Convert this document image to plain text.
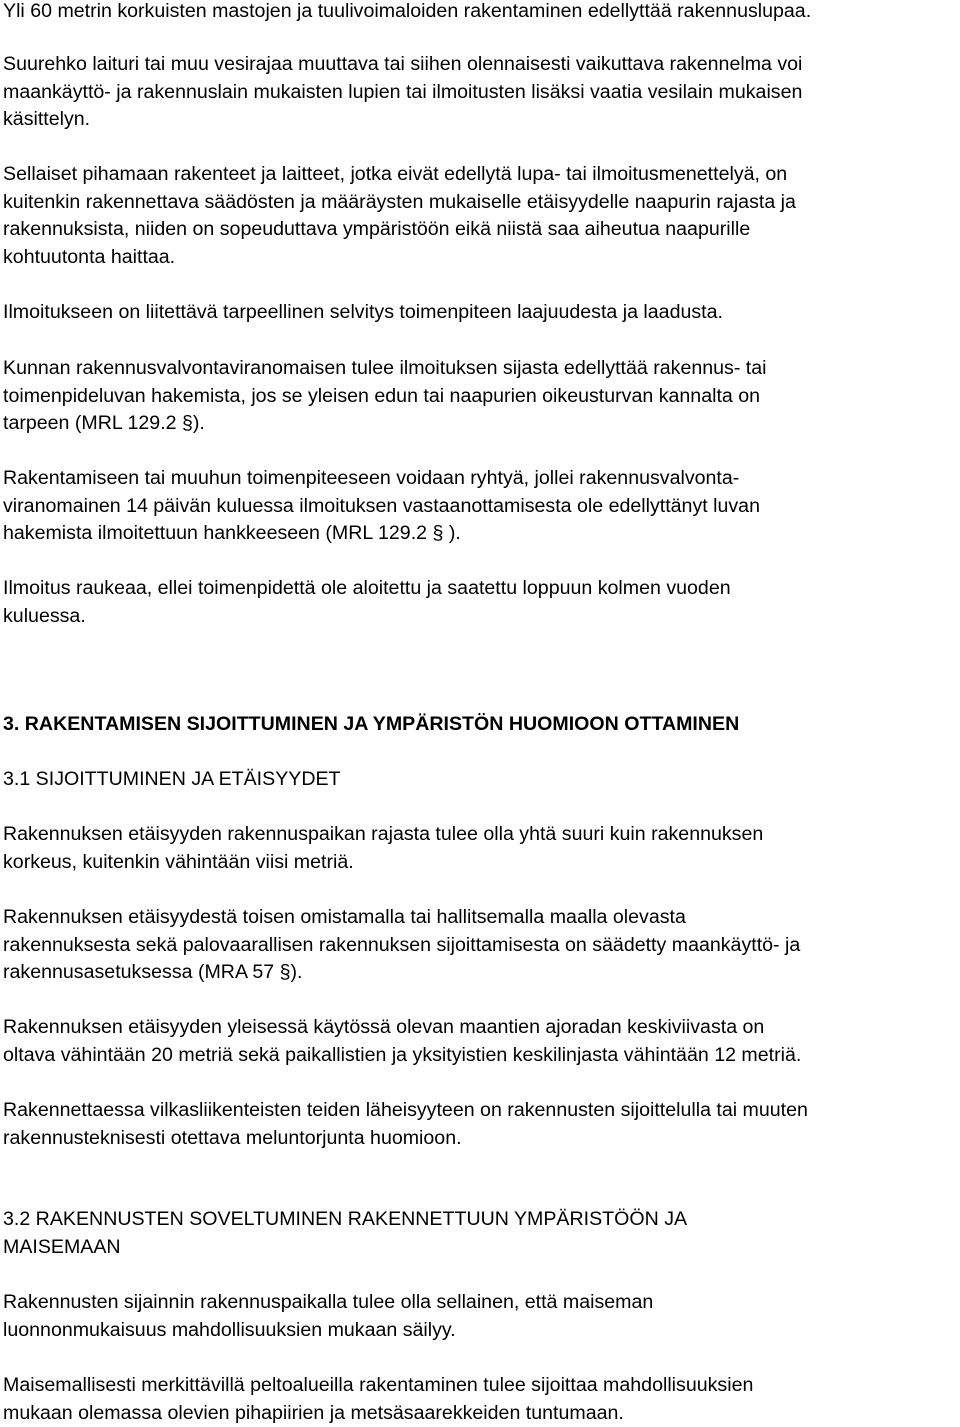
Yli 60 metrin korkuisten mastojen ja tuulivoimaloiden rakentaminen edellyttää rakennuslupaa.

Suurehko laituri tai muu vesirajaa muuttava tai siihen olennaisesti vaikuttava rakennelma voi
maankäyttö- ja rakennuslain mukaisten lupien tai ilmoitusten lisäksi vaatia vesilain mukaisen
käsittelyn.

Sellaiset pihamaan rakenteet ja laitteet, jotka eivät edellytä lupa- tai ilmoitusmenettelyä, on
kuitenkin rakennettava säädösten ja määräysten mukaiselle etäisyydelle naapurin rajasta ja
rakennuksista, niiden on sopeuduttava ympäristöön eikä niistä saa aiheutua naapurille
kohtuutonta haittaa.

Ilmoitukseen on liitettävä tarpeellinen selvitys toimenpiteen laajuudesta ja laadusta.

Kunnan rakennusvalvontaviranomaisen tulee ilmoituksen sijasta edellyttää rakennus- tai
toimenpideluvan hakemista, jos se yleisen edun tai naapurien oikeusturvan kannalta on
tarpeen (MRL 129.2 §).

Rakentamiseen tai muuhun toimenpiteeseen voidaan ryhtyä, jollei rakennusvalvonta-
viranomainen 14 päivän kuluessa ilmoituksen vastaanottamisesta ole edellyttänyt luvan
hakemista ilmoitettuun hankkeeseen (MRL 129.2 § ).

Ilmoitus raukeaa, ellei toimenpidettä ole aloitettu ja saatettu loppuun kolmen vuoden
kuluessa.

3. RAKENTAMISEN SIJOITTUMINEN JA YMPÄRISTÖN HUOMIOON OTTAMINEN

3.1 SIJOITTUMINEN JA ETÄISYYDET

Rakennuksen etäisyyden rakennuspaikan rajasta tulee olla yhtä suuri kuin rakennuksen
korkeus, kuitenkin vähintään viisi metriä.

Rakennuksen etäisyydestä toisen omistamalla tai hallitsemalla maalla olevasta
rakennuksesta sekä palovaarallisen rakennuksen sijoittamisesta on säädetty maankäyttö- ja
rakennusasetuksessa (MRA 57 §).

Rakennuksen etäisyyden yleisessä käytössä olevan maantien ajoradan keskiviivasta on
oltava vähintään 20 metriä sekä paikallistien ja yksityistien keskilinjasta vähintään 12 metriä.

Rakennettaessa vilkasliikenteisten teiden läheisyyteen on rakennusten sijoittelulla tai muuten
rakennusteknisesti otettava meluntorjunta huomioon.

3.2 RAKENNUSTEN SOVELTUMINEN RAKENNETTUUN YMPÄRISTÖÖN JA
MAISEMAAN

Rakennusten sijainnin rakennuspaikalla tulee olla sellainen, että maiseman
luonnonmukaisuus mahdollisuuksien mukaan säilyy.

Maisemallisesti merkittävillä peltoalueilla rakentaminen tulee sijoittaa mahdollisuuksien
mukaan olemassa olevien pihapiirien ja metsäsaarekkeiden tuntumaan.
